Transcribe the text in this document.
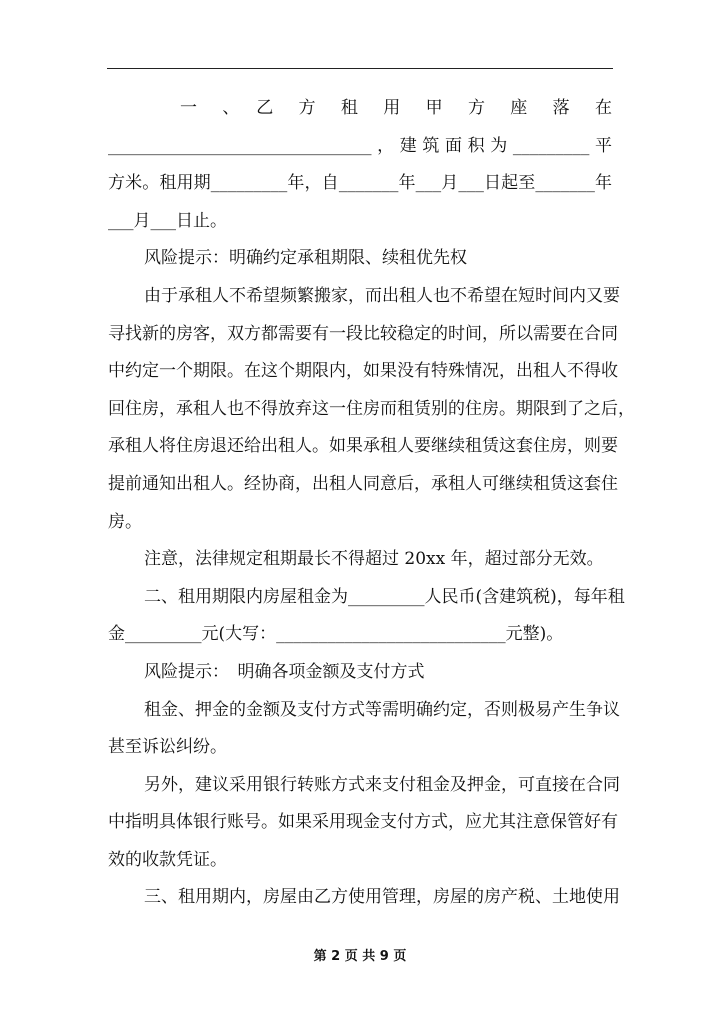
一　、　乙　方　租　用　甲　方　座　落　在
_______________________________，建筑面积为_________平
方米。租用期_________年，自_______年___月___日起至_______年
___月___日止。
风险提示：明确约定承租期限、续租优先权
由于承租人不希望频繁搬家，而出租人也不希望在短时间内又要
寻找新的房客，双方都需要有一段比较稳定的时间，所以需要在合同
中约定一个期限。在这个期限内，如果没有特殊情况，出租人不得收
回住房，承租人也不得放弃这一住房而租赁别的住房。期限到了之后，
承租人将住房退还给出租人。如果承租人要继续租赁这套住房，则要
提前通知出租人。经协商，出租人同意后，承租人可继续租赁这套住
房。
注意，法律规定租期最长不得超过 20xx 年，超过部分无效。
二、租用期限内房屋租金为_________人民币(含建筑税)，每年租
金_________元(大写：___________________________元整)。
风险提示：　明确各项金额及支付方式
租金、押金的金额及支付方式等需明确约定，否则极易产生争议
甚至诉讼纠纷。
另外，建议采用银行转账方式来支付租金及押金，可直接在合同
中指明具体银行账号。如果采用现金支付方式，应尤其注意保管好有
效的收款凭证。
三、租用期内，房屋由乙方使用管理，房屋的房产税、土地使用
第 2 页 共 9 页
